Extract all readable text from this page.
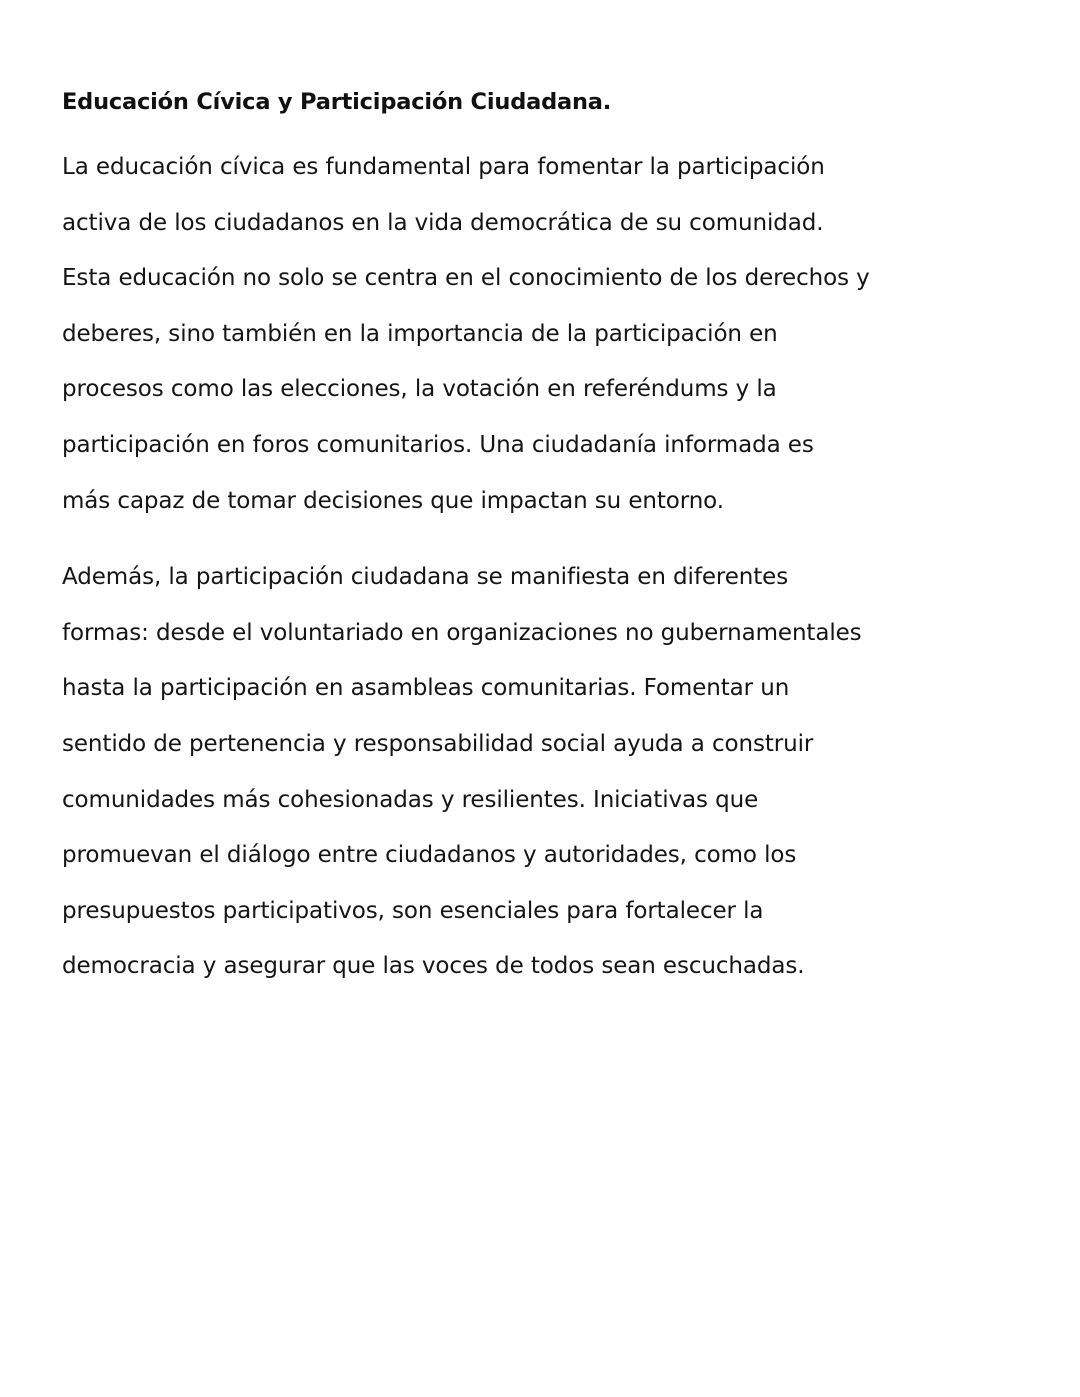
Educación Cívica y Participación Ciudadana.

La educación cívica es fundamental para fomentar la participación
activa de los ciudadanos en la vida democrática de su comunidad.
Esta educación no solo se centra en el conocimiento de los derechos y
deberes, sino también en la importancia de la participación en
procesos como las elecciones, la votación en referéndums y la
participación en foros comunitarios. Una ciudadanía informada es
más capaz de tomar decisiones que impactan su entorno.

Además, la participación ciudadana se manifiesta en diferentes
formas: desde el voluntariado en organizaciones no gubernamentales
hasta la participación en asambleas comunitarias. Fomentar un
sentido de pertenencia y responsabilidad social ayuda a construir
comunidades más cohesionadas y resilientes. Iniciativas que
promuevan el diálogo entre ciudadanos y autoridades, como los
presupuestos participativos, son esenciales para fortalecer la
democracia y asegurar que las voces de todos sean escuchadas.
